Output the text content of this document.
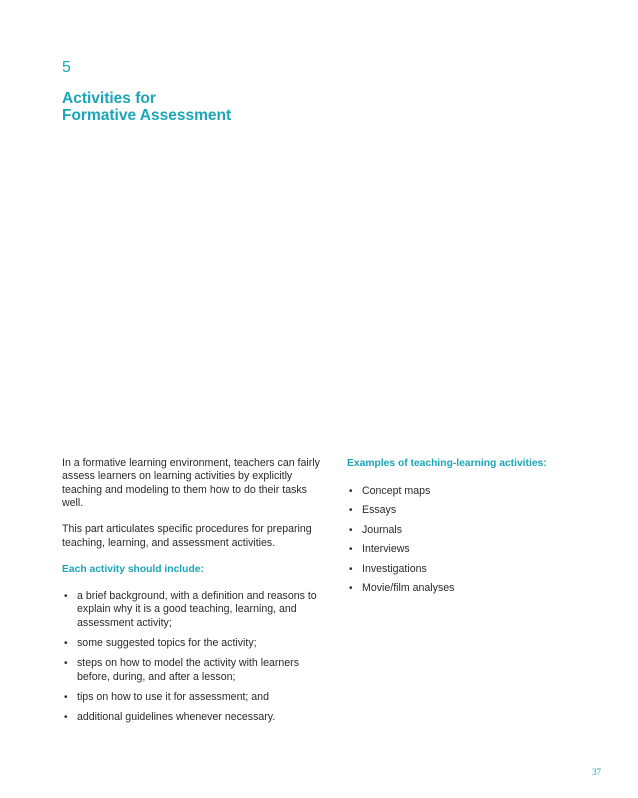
5
Activities for
Formative Assessment

In a formative learning environment, teachers can fairly assess learners on learning activities by explicitly teaching and modeling to them how to do their tasks well.

This part articulates specific procedures for preparing teaching, learning, and assessment activities.

Each activity should include:
• a brief background, with a definition and reasons to explain why it is a good teaching, learning, and assessment activity;
• some suggested topics for the activity;
• steps on how to model the activity with learners before, during, and after a lesson;
• tips on how to use it for assessment; and
• additional guidelines whenever necessary.
Examples of teaching-learning activities:
• Concept maps
• Essays
• Journals
• Interviews
• Investigations
• Movie/film analyses
37
